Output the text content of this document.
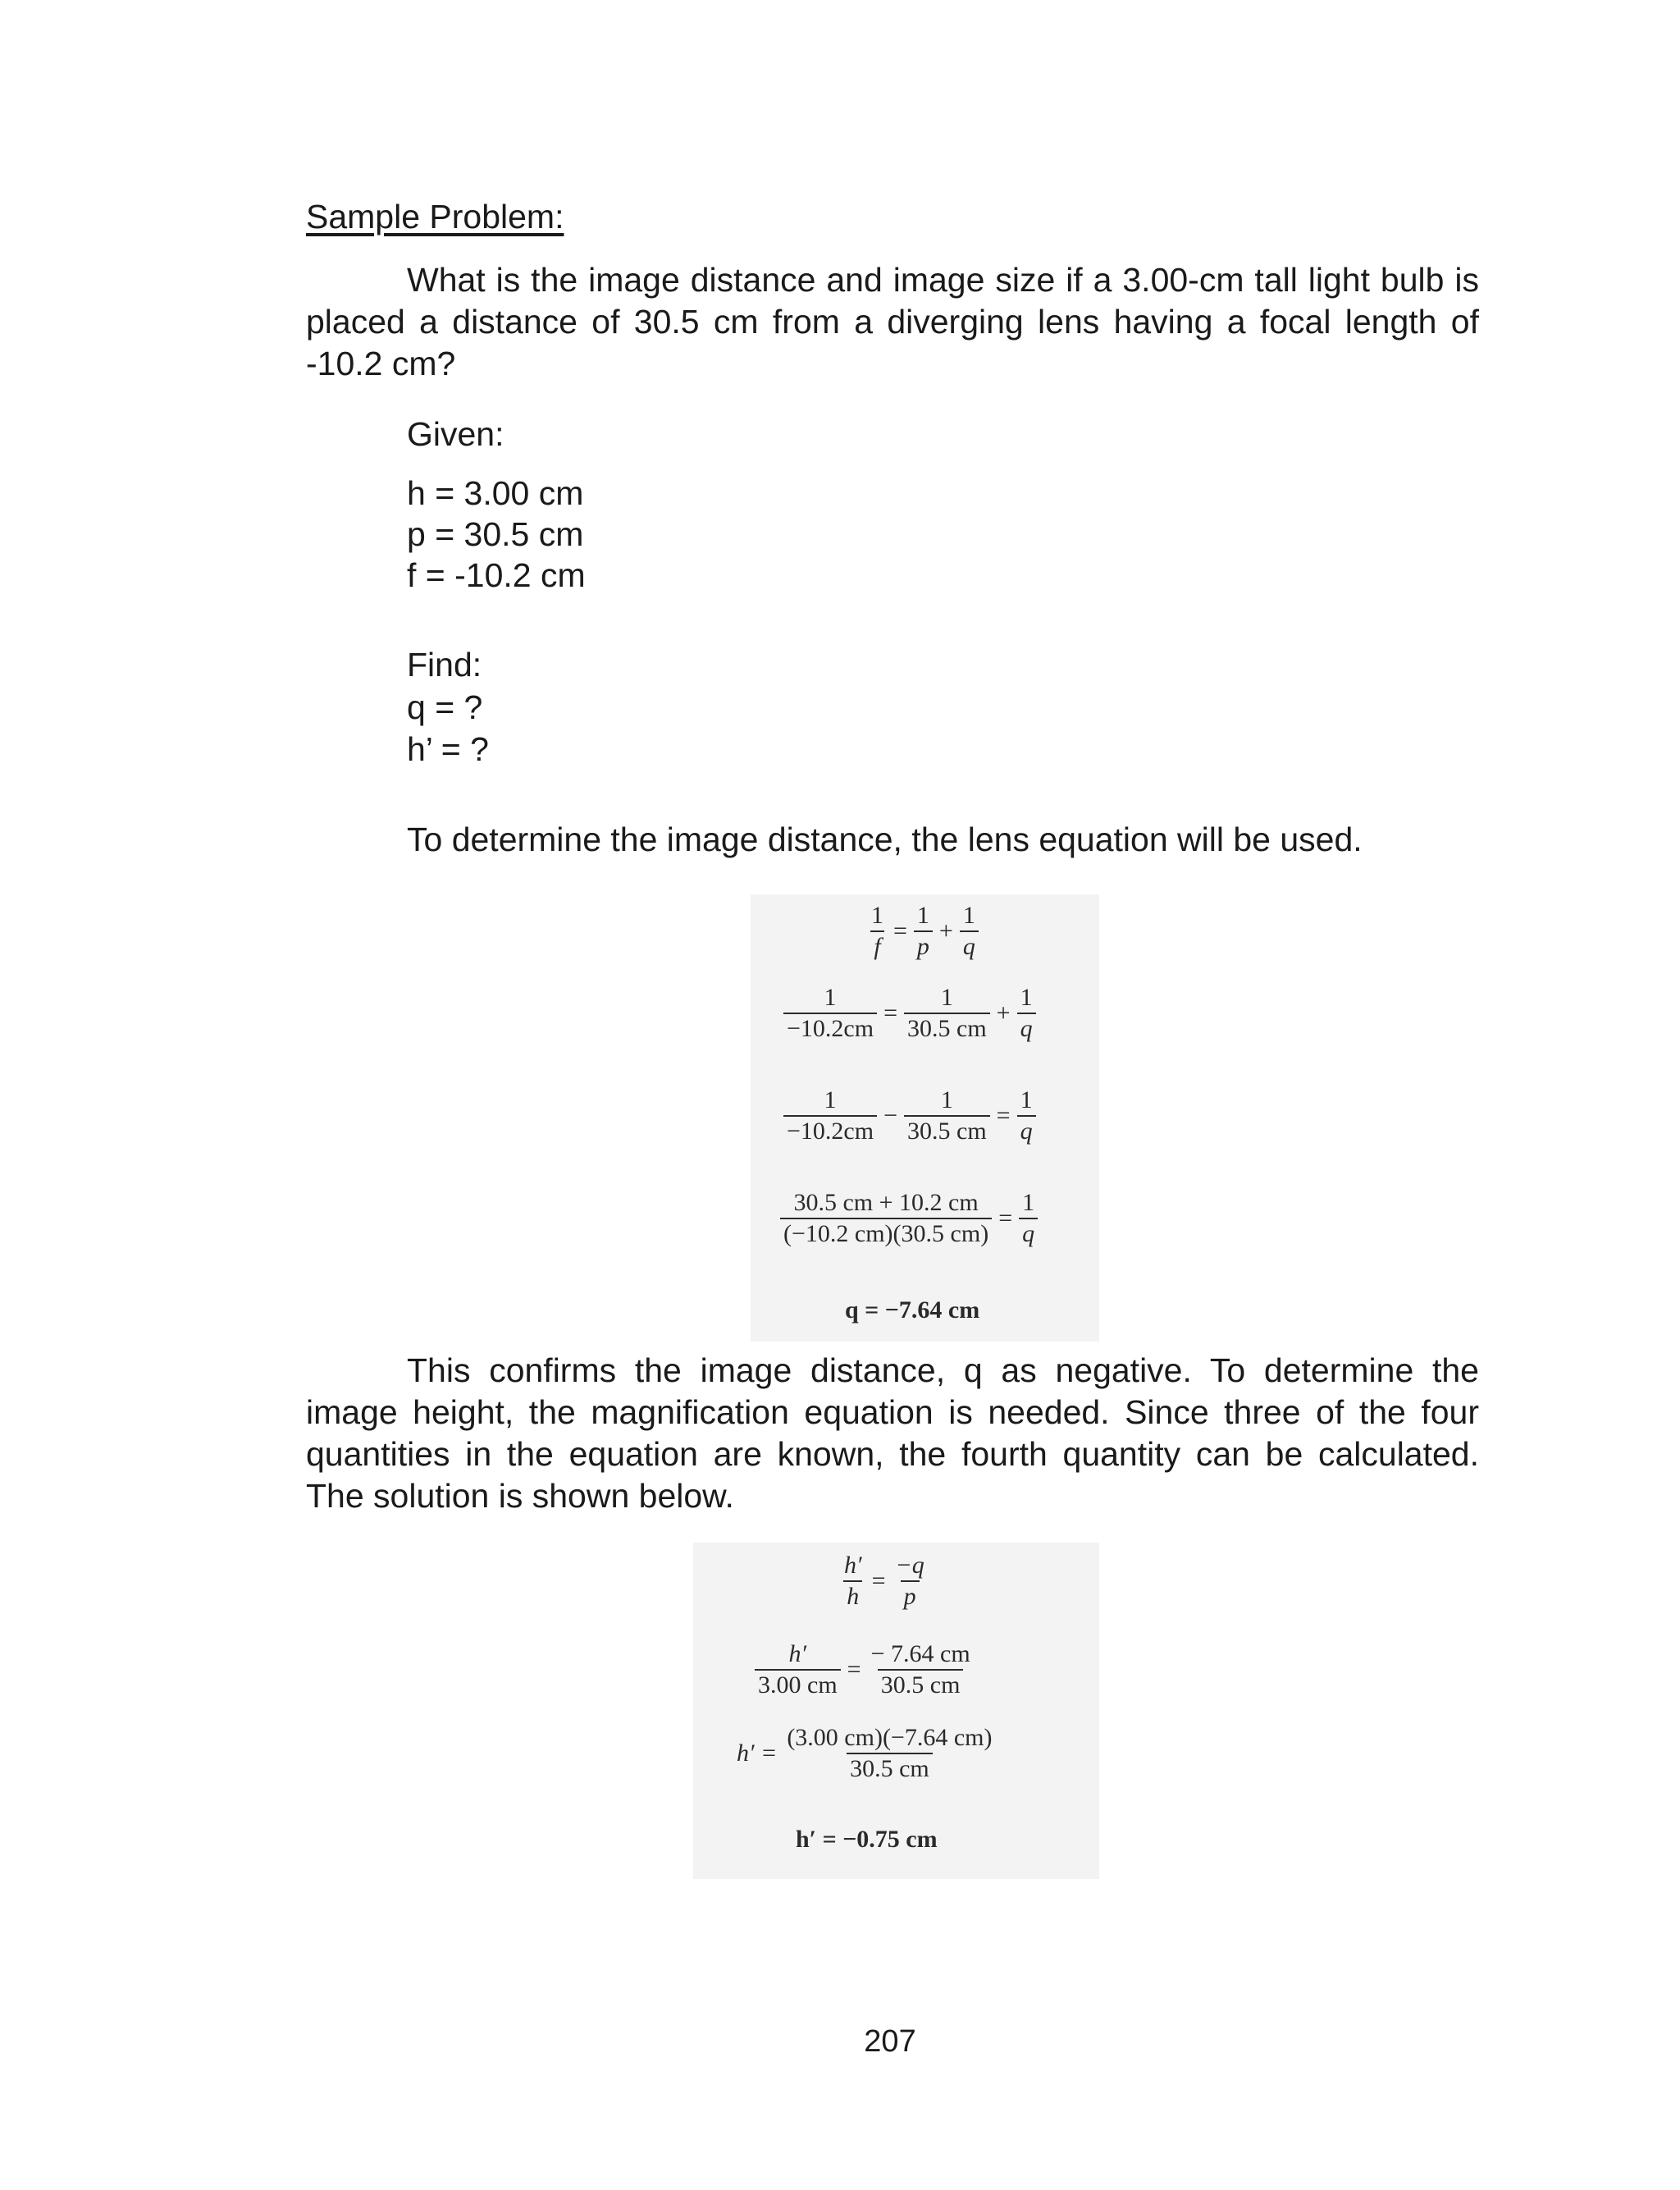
Sample Problem:

What is the image distance and image size if a 3.00-cm tall light bulb is placed a distance of 30.5 cm from a diverging lens having a focal length of -10.2 cm?

Given:
h = 3.00 cm
p = 30.5 cm
f = -10.2 cm
Find:
q = ?
h’ = ?
To determine the image distance, the lens equation will be used.
$\frac{1}{f} = \frac{1}{p} + \frac{1}{q}$
$\frac{1}{-10.2cm} = \frac{1}{30.5 cm} + \frac{1}{q}$
1
−10.2cm
− $\frac{1}{30.5 cm} = \frac{1}{q}$
$\frac{30.5 cm + 10.2 cm}{(-10.2 cm)(30.5 cm)} = \frac{1}{q}$
q = −7.64 cm

This confirms the image distance, q as negative. To determine the image height, the magnification equation is needed. Since three of the four quantities in the equation are known, the fourth quantity can be calculated. The solution is shown below.

$\frac{h'}{h} = \frac{-q}{p}$
$\frac{h'}{3.00 cm} = \frac{- 7.64 cm}{30.5 cm}$
$h' = \frac{(3.00 cm)(-7.64 cm)}{30.5 cm}$
h′ = −0.75 cm
207
